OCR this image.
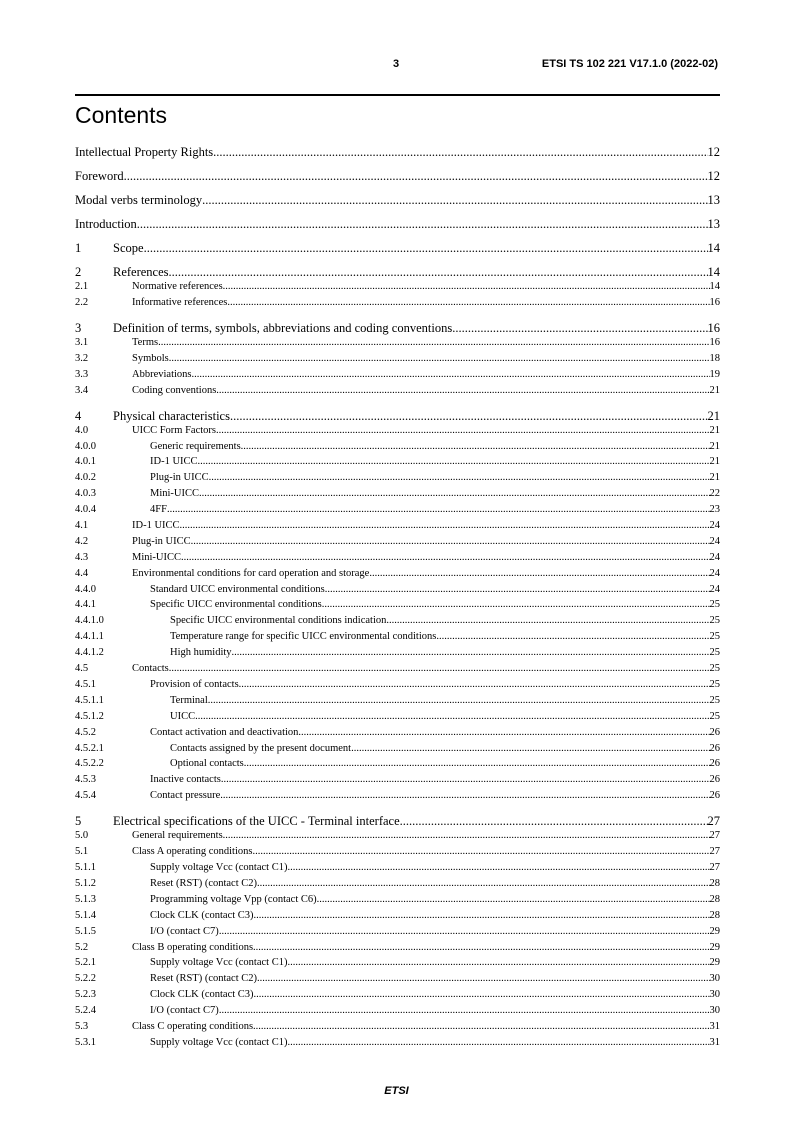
3	ETSI TS 102 221 V17.1.0 (2022-02)
Contents
Intellectual Property Rights .....	12
Foreword .....	12
Modal verbs terminology .....	13
Introduction .....	13
1	Scope .....	14
2	References .....	14
2.1	Normative references .....	14
2.2	Informative references .....	16
3	Definition of terms, symbols, abbreviations and coding conventions .....	16
3.1	Terms .....	16
3.2	Symbols .....	18
3.3	Abbreviations .....	19
3.4	Coding conventions .....	21
4	Physical characteristics .....	21
4.0	UICC Form Factors .....	21
4.0.0	Generic requirements .....	21
4.0.1	ID-1 UICC .....	21
4.0.2	Plug-in UICC .....	21
4.0.3	Mini-UICC .....	22
4.0.4	4FF .....	23
4.1	ID-1 UICC .....	24
4.2	Plug-in UICC .....	24
4.3	Mini-UICC .....	24
4.4	Environmental conditions for card operation and storage .....	24
4.4.0	Standard UICC environmental conditions .....	24
4.4.1	Specific UICC environmental conditions .....	25
4.4.1.0	Specific UICC environmental conditions indication .....	25
4.4.1.1	Temperature range for specific UICC environmental conditions .....	25
4.4.1.2	High humidity .....	25
4.5	Contacts .....	25
4.5.1	Provision of contacts .....	25
4.5.1.1	Terminal .....	25
4.5.1.2	UICC .....	25
4.5.2	Contact activation and deactivation .....	26
4.5.2.1	Contacts assigned by the present document .....	26
4.5.2.2	Optional contacts .....	26
4.5.3	Inactive contacts .....	26
4.5.4	Contact pressure .....	26
5	Electrical specifications of the UICC - Terminal interface .....	27
5.0	General requirements .....	27
5.1	Class A operating conditions .....	27
5.1.1	Supply voltage Vcc (contact C1) .....	27
5.1.2	Reset (RST) (contact C2) .....	28
5.1.3	Programming voltage Vpp (contact C6) .....	28
5.1.4	Clock CLK (contact C3) .....	28
5.1.5	I/O (contact C7) .....	29
5.2	Class B operating conditions .....	29
5.2.1	Supply voltage Vcc (contact C1) .....	29
5.2.2	Reset (RST) (contact C2) .....	30
5.2.3	Clock CLK (contact C3) .....	30
5.2.4	I/O (contact C7) .....	30
5.3	Class C operating conditions .....	31
5.3.1	Supply voltage Vcc (contact C1) .....	31
ETSI
